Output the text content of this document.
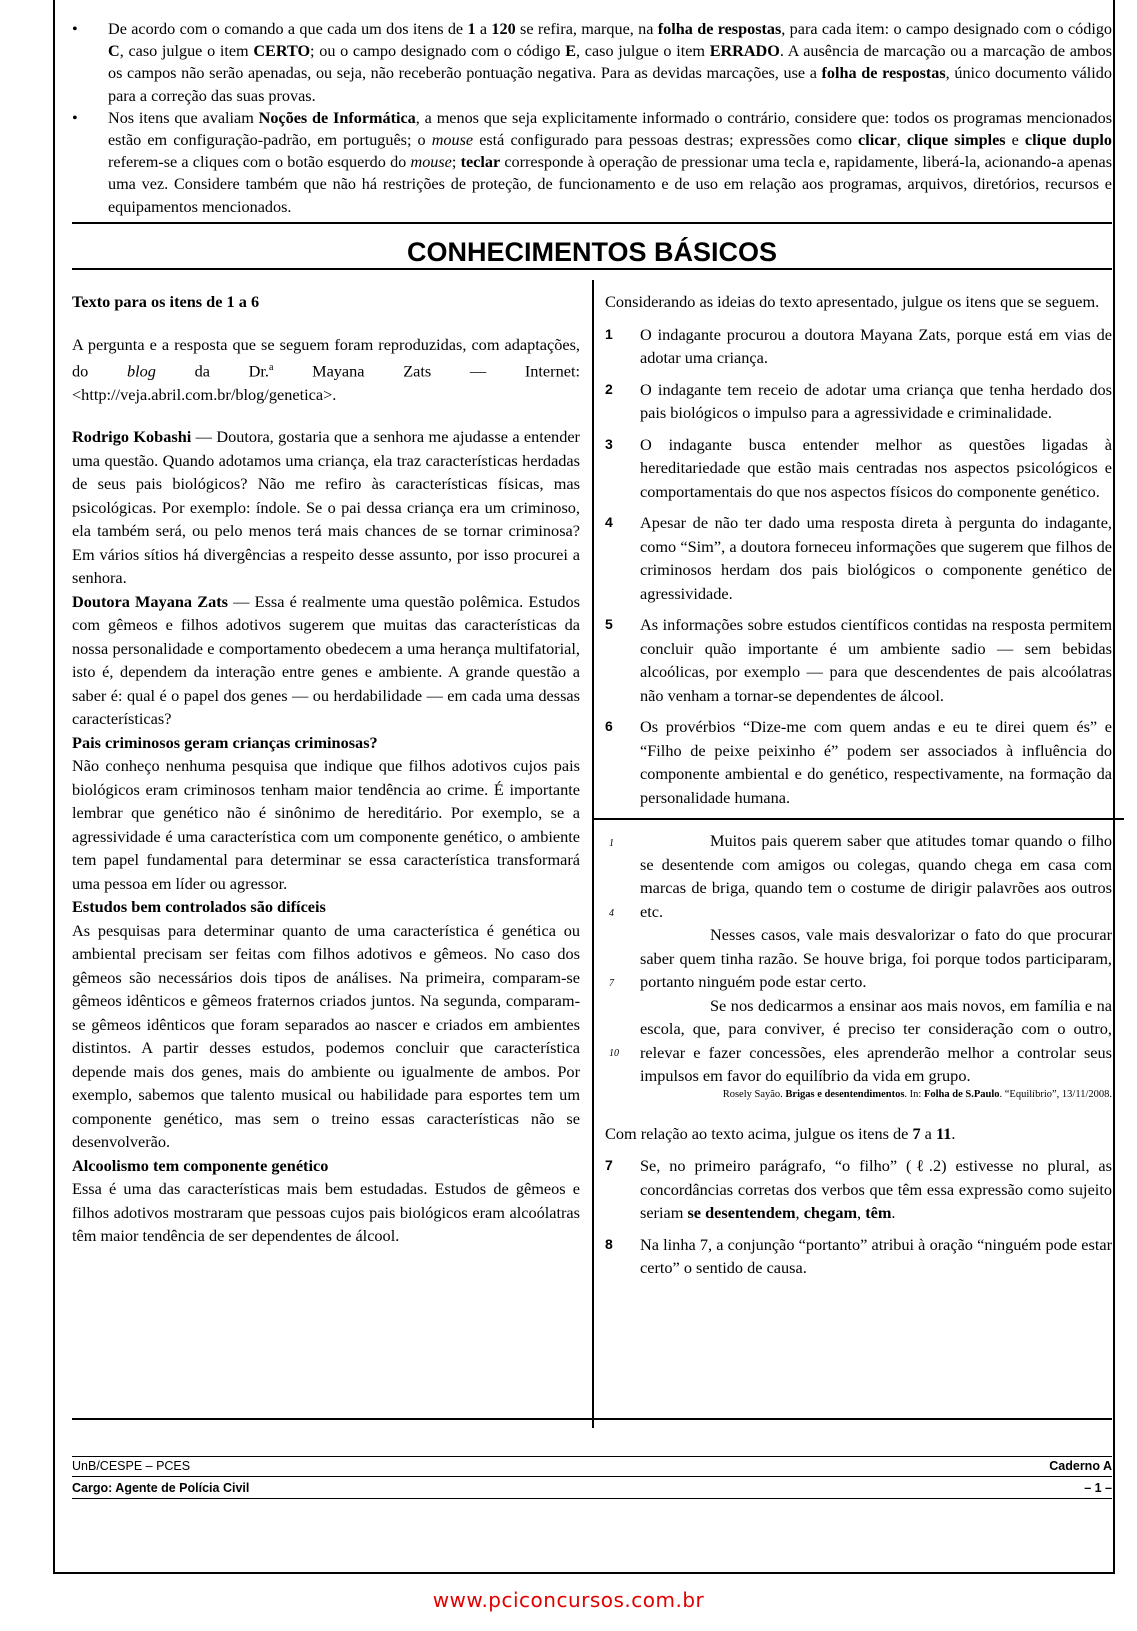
• De acordo com o comando a que cada um dos itens de 1 a 120 se refira, marque, na folha de respostas, para cada item: o campo designado com o código C, caso julgue o item CERTO; ou o campo designado com o código E, caso julgue o item ERRADO. A ausência de marcação ou a marcação de ambos os campos não serão apenadas, ou seja, não receberão pontuação negativa. Para as devidas marcações, use a folha de respostas, único documento válido para a correção das suas provas.
• Nos itens que avaliam Noções de Informática, a menos que seja explicitamente informado o contrário, considere que: todos os programas mencionados estão em configuração-padrão, em português; o mouse está configurado para pessoas destras; expressões como clicar, clique simples e clique duplo referem-se a cliques com o botão esquerdo do mouse; teclar corresponde à operação de pressionar uma tecla e, rapidamente, liberá-la, acionando-a apenas uma vez. Considere também que não há restrições de proteção, de funcionamento e de uso em relação aos programas, arquivos, diretórios, recursos e equipamentos mencionados.
CONHECIMENTOS BÁSICOS

Texto para os itens de 1 a 6

A pergunta e a resposta que se seguem foram reproduzidas, com adaptações, do blog da Dr.$^a$ Mayana Zats — Internet: <http://veja.abril.com.br/blog/genetica>.

Rodrigo Kobashi — Doutora, gostaria que a senhora me ajudasse a entender uma questão. Quando adotamos uma criança, ela traz características herdadas de seus pais biológicos? Não me refiro às características físicas, mas psicológicas. Por exemplo: índole. Se o pai dessa criança era um criminoso, ela também será, ou pelo menos terá mais chances de se tornar criminosa? Em vários sítios há divergências a respeito desse assunto, por isso procurei a senhora.

Doutora Mayana Zats — Essa é realmente uma questão polêmica. Estudos com gêmeos e filhos adotivos sugerem que muitas das características da nossa personalidade e comportamento obedecem a uma herança multifatorial, isto é, dependem da interação entre genes e ambiente. A grande questão a saber é: qual é o papel dos genes — ou herdabilidade — em cada uma dessas características?

Pais criminosos geram crianças criminosas?

Não conheço nenhuma pesquisa que indique que filhos adotivos cujos pais biológicos eram criminosos tenham maior tendência ao crime. É importante lembrar que genético não é sinônimo de hereditário. Por exemplo, se a agressividade é uma característica com um componente genético, o ambiente tem papel fundamental para determinar se essa característica transformará uma pessoa em líder ou agressor.

Estudos bem controlados são difíceis

As pesquisas para determinar quanto de uma característica é genética ou ambiental precisam ser feitas com filhos adotivos e gêmeos. No caso dos gêmeos são necessários dois tipos de análises. Na primeira, comparam-se gêmeos idênticos e gêmeos fraternos criados juntos. Na segunda, comparam-se gêmeos idênticos que foram separados ao nascer e criados em ambientes distintos. A partir desses estudos, podemos concluir que característica depende mais dos genes, mais do ambiente ou igualmente de ambos. Por exemplo, sabemos que talento musical ou habilidade para esportes tem um componente genético, mas sem o treino essas características não se desenvolverão.

Alcoolismo tem componente genético

Essa é uma das características mais bem estudadas. Estudos de gêmeos e filhos adotivos mostraram que pessoas cujos pais biológicos eram alcoólatras têm maior tendência de ser dependentes de álcool.

Considerando as ideias do texto apresentado, julgue os itens que se seguem.

1 O indagante procurou a doutora Mayana Zats, porque está em vias de adotar uma criança.
2 O indagante tem receio de adotar uma criança que tenha herdado dos pais biológicos o impulso para a agressividade e criminalidade.
3 O indagante busca entender melhor as questões ligadas à hereditariedade que estão mais centradas nos aspectos psicológicos e comportamentais do que nos aspectos físicos do componente genético.
4 Apesar de não ter dado uma resposta direta à pergunta do indagante, como “Sim”, a doutora forneceu informações que sugerem que filhos de criminosos herdam dos pais biológicos o componente genético de agressividade.
5 As informações sobre estudos científicos contidas na resposta permitem concluir quão importante é um ambiente sadio — sem bebidas alcoólicas, por exemplo — para que descendentes de pais alcoólatras não venham a tornar-se dependentes de álcool.
6 Os provérbios “Dize-me com quem andas e eu te direi quem és” e “Filho de peixe peixinho é” podem ser associados à influência do componente ambiental e do genético, respectivamente, na formação da personalidade humana.
1
4
7
10

Muitos pais querem saber que atitudes tomar quando o filho se desentende com amigos ou colegas, quando chega em casa com marcas de briga, quando tem o costume de dirigir palavrões aos outros etc.

Nesses casos, vale mais desvalorizar o fato do que procurar saber quem tinha razão. Se houve briga, foi porque todos participaram, portanto ninguém pode estar certo.

Se nos dedicarmos a ensinar aos mais novos, em família e na escola, que, para conviver, é preciso ter consideração com o outro, relevar e fazer concessões, eles aprenderão melhor a controlar seus impulsos em favor do equilíbrio da vida em grupo.

Rosely Sayão. Brigas e desentendimentos. In: Folha de S.Paulo. “Equilíbrio”, 13/11/2008.

Com relação ao texto acima, julgue os itens de 7 a 11.

7 Se, no primeiro parágrafo, “o filho” (ℓ.2) estivesse no plural, as concordâncias corretas dos verbos que têm essa expressão como sujeito seriam se desentendem, chegam, têm.
8 Na linha 7, a conjunção “portanto” atribui à oração “ninguém pode estar certo” o sentido de causa.
UnB/CESPE – PCES	Caderno A
Cargo: Agente de Polícia Civil	– 1 –
www.pciconcursos.com.br
